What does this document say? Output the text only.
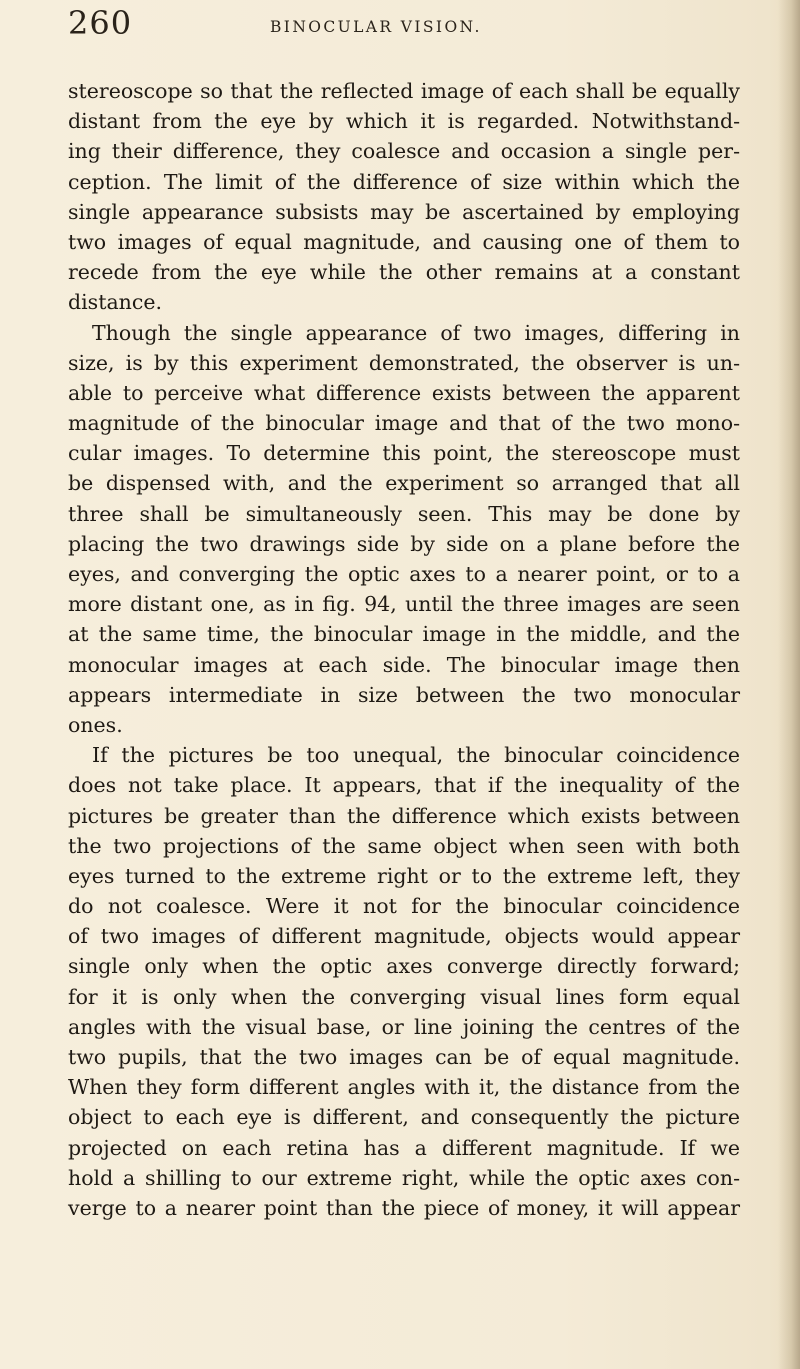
260	BINOCULAR VISION.
stereoscope so that the reflected image of each shall be equally
distant from the eye by which it is regarded. Notwithstand-
ing their difference, they coalesce and occasion a single per-
ception. The limit of the difference of size within which the
single appearance subsists may be ascertained by employing
two images of equal magnitude, and causing one of them to
recede from the eye while the other remains at a constant
distance.
Though the single appearance of two images, differing in
size, is by this experiment demonstrated, the observer is un-
able to perceive what difference exists between the apparent
magnitude of the binocular image and that of the two mono-
cular images. To determine this point, the stereoscope must
be dispensed with, and the experiment so arranged that all
three shall be simultaneously seen. This may be done by
placing the two drawings side by side on a plane before the
eyes, and converging the optic axes to a nearer point, or to a
more distant one, as in fig. 94, until the three images are seen
at the same time, the binocular image in the middle, and the
monocular images at each side. The binocular image then
appears intermediate in size between the two monocular
ones.
If the pictures be too unequal, the binocular coincidence
does not take place. It appears, that if the inequality of the
pictures be greater than the difference which exists between
the two projections of the same object when seen with both
eyes turned to the extreme right or to the extreme left, they
do not coalesce. Were it not for the binocular coincidence
of two images of different magnitude, objects would appear
single only when the optic axes converge directly forward;
for it is only when the converging visual lines form equal
angles with the visual base, or line joining the centres of the
two pupils, that the two images can be of equal magnitude.
When they form different angles with it, the distance from the
object to each eye is different, and consequently the picture
projected on each retina has a different magnitude. If we
hold a shilling to our extreme right, while the optic axes con-
verge to a nearer point than the piece of money, it will appear
